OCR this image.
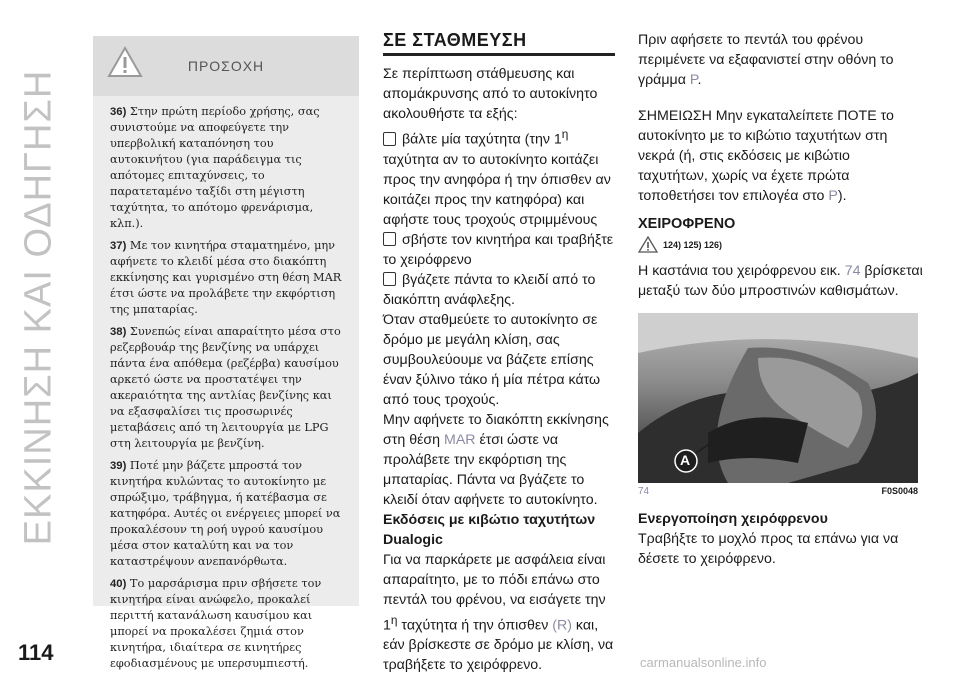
ΕΚΚΙΝΗΣΗ ΚΑΙ ΟΔΗΓΗΣΗ
ΠΡΟΣΟΧΗ

36) Στην πρώτη περίοδο χρήσης, σας συνιστούμε να αποφεύγετε την υπερβολική καταπόνηση του αυτοκινήτου (για παράδειγμα τις απότομες επιταχύνσεις, το παρατεταμένο ταξίδι στη μέγιστη ταχύτητα, το απότομο φρενάρισμα, κλπ.).

37) Με τον κινητήρα σταματημένο, μην αφήνετε το κλειδί μέσα στο διακόπτη εκκίνησης και γυρισμένο στη θέση MAR έτσι ώστε να προλάβετε την εκφόρτιση της μπαταρίας.

38) Συνεπώς είναι απαραίτητο μέσα στο ρεζερβουάρ της βενζίνης να υπάρχει πάντα ένα απόθεμα (ρεζέρβα) καυσίμου αρκετό ώστε να προστατέψει την ακεραιότητα της αντλίας βενζίνης και να εξασφαλίσει τις προσωρινές μεταβάσεις από τη λειτουργία με LPG στη λειτουργία με βενζίνη.

39) Ποτέ μην βάζετε μπροστά τον κινητήρα κυλώντας το αυτοκίνητο με σπρώξιμο, τράβηγμα, ή κατέβασμα σε κατηφόρα. Αυτές οι ενέργειες μπορεί να προκαλέσουν τη ροή υγρού καυσίμου μέσα στον καταλύτη και να τον καταστρέψουν ανεπανόρθωτα.

40) Το μαρσάρισμα πριν σβήσετε τον κινητήρα είναι ανώφελο, προκαλεί περιττή κατανάλωση καυσίμου και μπορεί να προκαλέσει ζημιά στον κινητήρα, ιδιαίτερα σε κινητήρες εφοδιασμένους με υπερσυμπιεστή.

ΣΕ ΣΤΑΘΜΕΥΣΗ

Σε περίπτωση στάθμευσης και απομάκρυνσης από το αυτοκίνητο ακολουθήστε τα εξής:

βάλτε μία ταχύτητα (την $1^\eta$ ταχύτητα αν το αυτοκίνητο κοιτάζει προς την ανηφόρα ή την όπισθεν αν κοιτάζει προς την κατηφόρα) και αφήστε τους τροχούς στριμμένους

σβήστε τον κινητήρα και τραβήξτε το χειρόφρενο

βγάζετε πάντα το κλειδί από το διακόπτη ανάφλεξης.

Όταν σταθμεύετε το αυτοκίνητο σε δρόμο με μεγάλη κλίση, σας συμβουλεύουμε να βάζετε επίσης έναν ξύλινο τάκο ή μία πέτρα κάτω από τους τροχούς.

Μην αφήνετε το διακόπτη εκκίνησης στη θέση MAR έτσι ώστε να προλάβετε την εκφόρτιση της μπαταρίας. Πάντα να βγάζετε το κλειδί όταν αφήνετε το αυτοκίνητο.

Εκδόσεις με κιβώτιο ταχυτήτων

Dualogic

Για να παρκάρετε με ασφάλεια είναι απαραίτητο, με το πόδι επάνω στο πεντάλ του φρένου, να εισάγετε την $1^\eta$ ταχύτητα ή την όπισθεν (R) και, εάν βρίσκεστε σε δρόμο με κλίση, να τραβήξετε το χειρόφρενο.

Πριν αφήσετε το πεντάλ του φρένου περιμένετε να εξαφανιστεί στην οθόνη το γράμμα P.

ΣΗΜΕΙΩΣΗ Μην εγκαταλείπετε ΠΟΤΕ το αυτοκίνητο με το κιβώτιο ταχυτήτων στη νεκρά (ή, στις εκδόσεις με κιβώτιο ταχυτήτων, χωρίς να έχετε πρώτα τοποθετήσει τον επιλογέα στο P).

ΧΕΙΡΟΦΡΕΝΟ

124) 125) 126)

Η καστάνια του χειρόφρενου εικ. 74 βρίσκεται μεταξύ των δύο μπροστινών καθισμάτων.

A
74	F0S0048

Ενεργοποίηση χειρόφρενου

Τραβήξτε το μοχλό προς τα επάνω για να δέσετε το χειρόφρενο.

114	carmanualsonline.info
